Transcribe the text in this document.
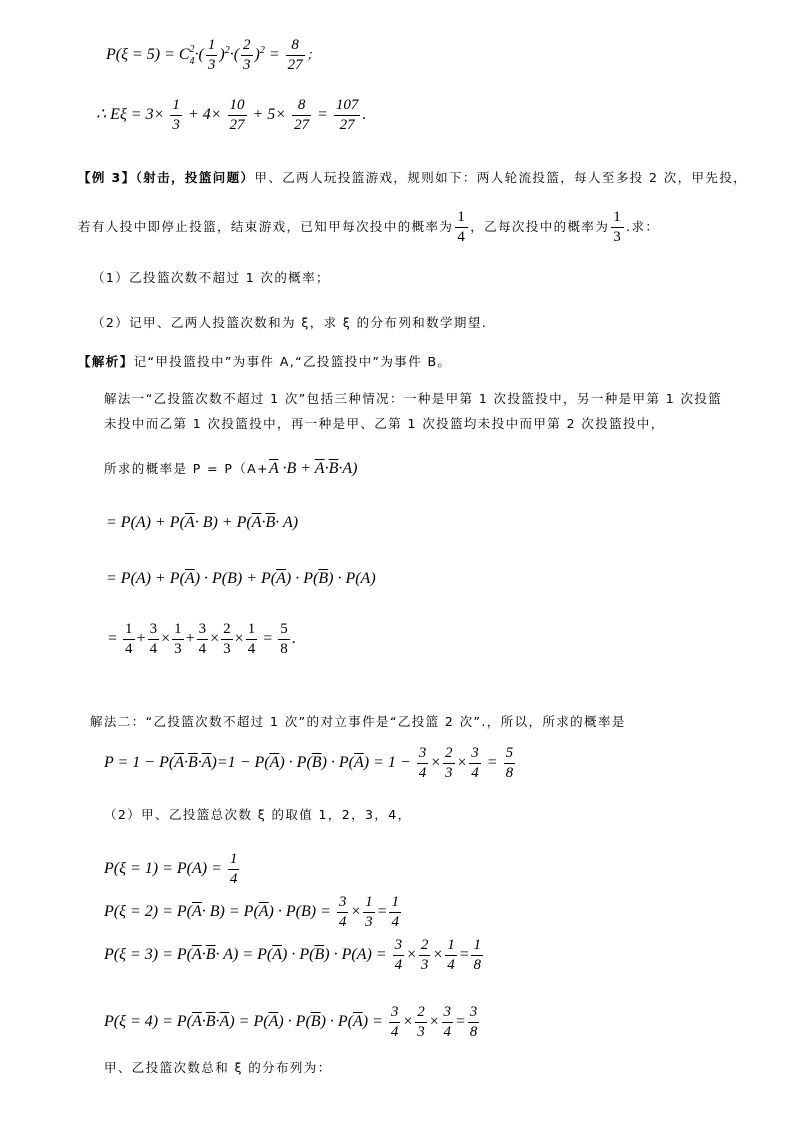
P(ξ = 5) = C2
$4\cdot( \frac{1}{3} )^2\cdot( \frac{2}{3} )^2 = \frac{8}{27}$ ；
∴ $E\xi = 3\times \frac{1}{3} + 4\times \frac{10}{27} + 5\times \frac{8}{27} = \frac{107}{27}$ .
【例 3】（射击，投篮问题）甲、乙两人玩投篮游戏，规则如下：两人轮流投篮，每人至多投 2 次，甲先投，
若有人投中即停止投篮，结束游戏，已知甲每次投中的概率为 $\frac{1}{4}$ ，乙每次投中的概率为 $\frac{1}{3}$ .求：
（1）乙投篮次数不超过 1 次的概率；
（2）记甲、乙两人投篮次数和为 ξ，求 ξ 的分布列和数学期望.
【解析】记“甲投篮投中”为事件 A,“乙投篮投中”为事件 B。
解法一“乙投篮次数不超过 1 次”包括三种情况：一种是甲第 1 次投篮投中，另一种是甲第 1 次投篮
未投中而乙第 1 次投篮投中，再一种是甲、乙第 1 次投篮均未投中而甲第 2 次投篮投中，
所求的概率是 $P = P(A+\overline{A} \cdot B + \overline{A}\cdot\overline{B}\cdot A)$
= $P(A) + P(\overline{A}\cdot B) + P(\overline{A}\cdot\overline{B}\cdot A)$
= $P(A) + P(\overline{A}) \cdot P(B) + P(\overline{A}) \cdot P(\overline{B}) \cdot P(A)$
= $\frac{1}{4} + \frac{3}{4} \times \frac{1}{3} + \frac{3}{4} \times \frac{2}{3} \times \frac{1}{4} = \frac{5}{8}$ .
解法二：“乙投篮次数不超过 1 次”的对立事件是“乙投篮 2 次”.，所以，所求的概率是
$P = 1 - P(\overline{A}\cdot\overline{B}\cdot\overline{A})=1 - P(\overline{A}) \cdot P(\overline{B}) \cdot P(\overline{A}) = 1 - \frac{3}{4} \times \frac{2}{3} \times \frac{3}{4} = \frac{5}{8}$
（2）甲、乙投篮总次数 ξ 的取值 1，2，3，4，
$P(\xi = 1) = P(A) = \frac{1}{4}$
$P(\xi = 2) = P(\overline{A}\cdot B) = P(\overline{A}) \cdot P(B) = \frac{3}{4} \times \frac{1}{3} = \frac{1}{4}$
$P(\xi = 3) = P(\overline{A}\cdot\overline{B}\cdot A) = P(\overline{A}) \cdot P(\overline{B}) \cdot P(A) = \frac{3}{4} \times \frac{2}{3} \times \frac{1}{4} = \frac{1}{8}$
$P(\xi = 4) = P(\overline{A}\cdot\overline{B}\cdot\overline{A}) = P(\overline{A}) \cdot P(\overline{B}) \cdot P(\overline{A}) = \frac{3}{4} \times \frac{2}{3} \times \frac{3}{4} = \frac{3}{8}$
甲、乙投篮次数总和 ξ 的分布列为：
